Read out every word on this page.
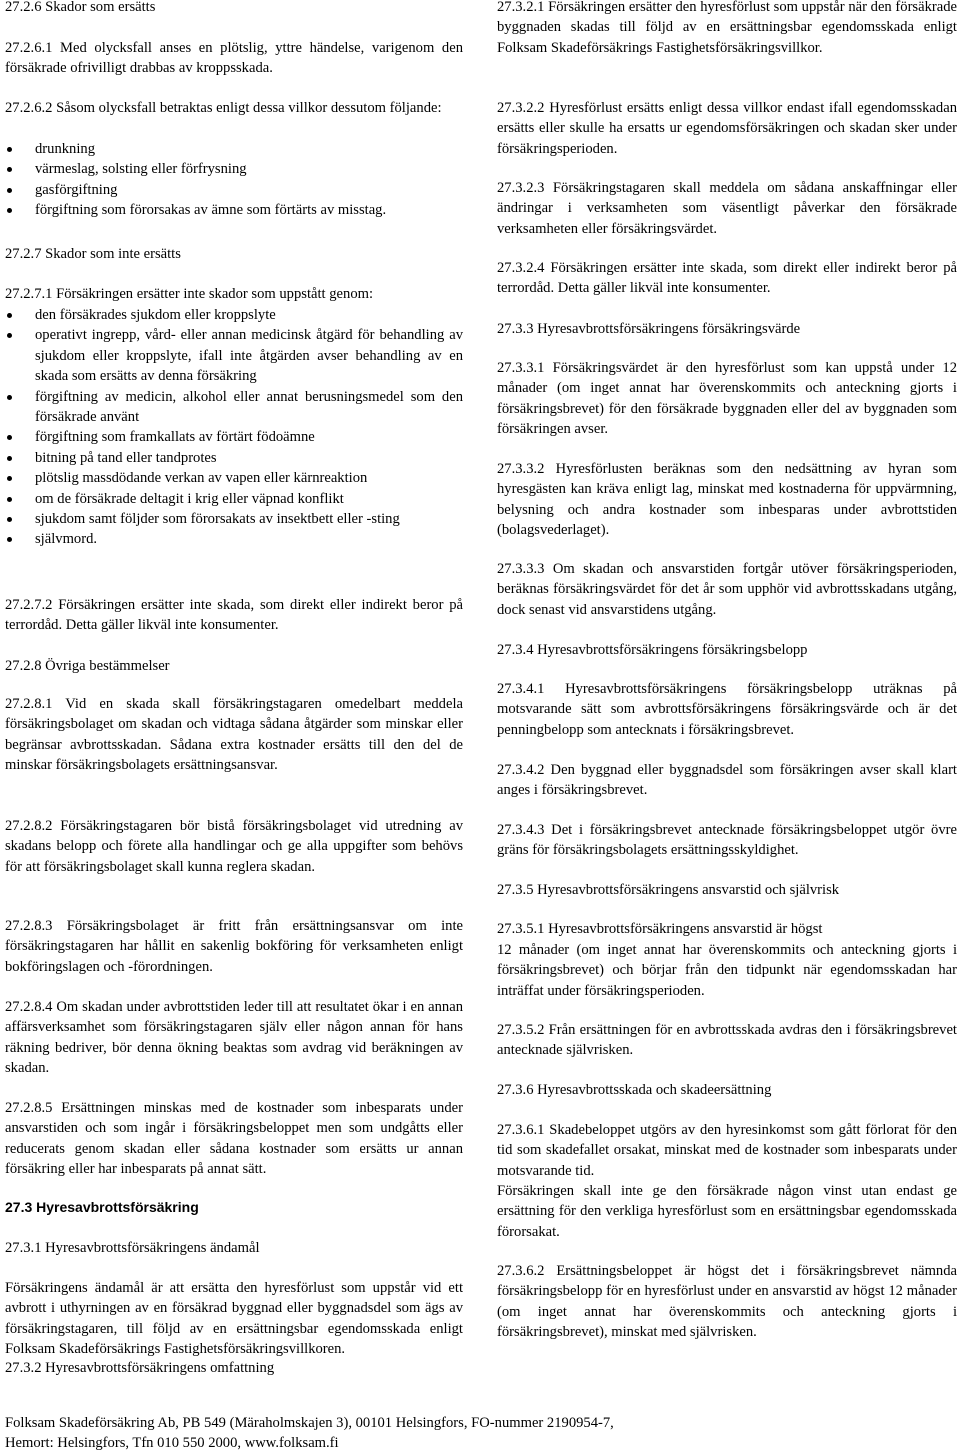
27.2.6 Skador som ersätts

27.2.6.1 Med olycksfall anses en plötslig, yttre händelse, varigenom den försäkrade ofrivilligt drabbas av kroppsskada.

27.2.6.2 Såsom olycksfall betraktas enligt dessa villkor dessutom följande:

drunkning
värmeslag, solsting eller förfrysning
gasförgiftning
förgiftning som förorsakas av ämne som förtärts av misstag.

27.2.7 Skador som inte ersätts

27.2.7.1 Försäkringen ersätter inte skador som uppstått genom:

den försäkrades sjukdom eller kroppslyte
operativt ingrepp, vård- eller annan medicinsk åtgärd för behandling av sjukdom eller kroppslyte, ifall inte åtgärden avser behandling av en skada som ersätts av denna försäkring
förgiftning av medicin, alkohol eller annat berusningsmedel som den försäkrade använt
förgiftning som framkallats av förtärt födoämne
bitning på tand eller tandprotes
plötslig massdödande verkan av vapen eller kärnreaktion
om de försäkrade deltagit i krig eller väpnad konflikt
sjukdom samt följder som förorsakats av insektbett eller -sting
självmord.

27.2.7.2 Försäkringen ersätter inte skada, som direkt eller indirekt beror på terrordåd. Detta gäller likväl inte konsumenter.

27.2.8 Övriga bestämmelser

27.2.8.1 Vid en skada skall försäkringstagaren omedelbart meddela försäkringsbolaget om skadan och vidtaga sådana åtgärder som minskar eller begränsar avbrottsskadan. Sådana extra kostnader ersätts till den del de minskar försäkringsbolagets ersättningsansvar.

27.2.8.2 Försäkringstagaren bör bistå försäkringsbolaget vid utredning av skadans belopp och förete alla handlingar och ge alla uppgifter som behövs för att försäkringsbolaget skall kunna reglera skadan.

27.2.8.3 Försäkringsbolaget är fritt från ersättningsansvar om inte försäkringstagaren har hållit en sakenlig bokföring för verksamheten enligt bokföringslagen och -förordningen.

27.2.8.4 Om skadan under avbrottstiden leder till att resultatet ökar i en annan affärsverksamhet som försäkringstagaren själv eller någon annan för hans räkning bedriver, bör denna ökning beaktas som avdrag vid beräkningen av skadan.

27.2.8.5 Ersättningen minskas med de kostnader som inbesparats under ansvarstiden och som ingår i försäkringsbeloppet men som undgåtts eller reducerats genom skadan eller sådana kostnader som ersätts ur annan försäkring eller har inbesparats på annat sätt.

27.3 Hyresavbrottsförsäkring

27.3.1 Hyresavbrottsförsäkringens ändamål

Försäkringens ändamål är att ersätta den hyresförlust som uppstår vid ett avbrott i uthyrningen av en försäkrad byggnad eller byggnadsdel som ägs av försäkringstagaren, till följd av en ersättningsbar egendomsskada enligt Folksam Skadeförsäkrings Fastighetsförsäkringsvillkoren.

27.3.2 Hyresavbrottsförsäkringens omfattning

27.3.2.1 Försäkringen ersätter den hyresförlust som uppstår när den försäkrade byggnaden skadas till följd av en ersättningsbar egendomsskada enligt Folksam Skadeförsäkrings Fastighetsförsäkringsvillkor.

27.3.2.2 Hyresförlust ersätts enligt dessa villkor endast ifall egendomsskadan ersätts eller skulle ha ersatts ur egendomsförsäkringen och skadan sker under försäkringsperioden.

27.3.2.3 Försäkringstagaren skall meddela om sådana anskaffningar eller ändringar i verksamheten som väsentligt påverkar den försäkrade verksamheten eller försäkringsvärdet.

27.3.2.4 Försäkringen ersätter inte skada, som direkt eller indirekt beror på terrordåd. Detta gäller likväl inte konsumenter.

27.3.3 Hyresavbrottsförsäkringens försäkringsvärde

27.3.3.1 Försäkringsvärdet är den hyresförlust som kan uppstå under 12 månader (om inget annat har överenskommits och anteckning gjorts i försäkringsbrevet) för den försäkrade byggnaden eller del av byggnaden som försäkringen avser.

27.3.3.2 Hyresförlusten beräknas som den nedsättning av hyran som hyresgästen kan kräva enligt lag, minskat med kostnaderna för uppvärmning, belysning och andra kostnader som inbesparas under avbrottstiden (bolagsvederlaget).

27.3.3.3 Om skadan och ansvarstiden fortgår utöver försäkringsperioden, beräknas försäkringsvärdet för det år som upphör vid avbrottsskadans utgång, dock senast vid ansvarstidens utgång.

27.3.4 Hyresavbrottsförsäkringens försäkringsbelopp

27.3.4.1 Hyresavbrottsförsäkringens försäkringsbelopp uträknas på motsvarande sätt som avbrottsförsäkringens försäkringsvärde och är det penningbelopp som antecknats i försäkringsbrevet.

27.3.4.2 Den byggnad eller byggnadsdel som försäkringen avser skall klart anges i försäkringsbrevet.

27.3.4.3 Det i försäkringsbrevet antecknade försäkringsbeloppet utgör övre gräns för försäkringsbolagets ersättningsskyldighet.

27.3.5 Hyresavbrottsförsäkringens ansvarstid och självrisk

27.3.5.1 Hyresavbrottsförsäkringens ansvarstid är högst

12 månader (om inget annat har överenskommits och anteckning gjorts i försäkringsbrevet) och börjar från den tidpunkt när egendomsskadan har inträffat under försäkringsperioden.

27.3.5.2 Från ersättningen för en avbrottsskada avdras den i försäkringsbrevet antecknade självrisken.

27.3.6 Hyresavbrottsskada och skadeersättning

27.3.6.1 Skadebeloppet utgörs av den hyresinkomst som gått förlorat för den tid som skadefallet orsakat, minskat med de kostnader som inbesparats under motsvarande tid.

Försäkringen skall inte ge den försäkrade någon vinst utan endast ge ersättning för den verkliga hyresförlust som en ersättningsbar egendomsskada förorsakat.

27.3.6.2 Ersättningsbeloppet är högst det i försäkringsbrevet nämnda försäkringsbelopp för en hyresförlust under en ansvarstid av högst 12 månader (om inget annat har överenskommits och anteckning gjorts i försäkringsbrevet), minskat med självrisken.

Folksam Skadeförsäkring Ab, PB 549 (Märaholmskajen 3), 00101 Helsingfors, FO-nummer 2190954-7,
Hemort: Helsingfors, Tfn 010 550 2000, www.folksam.fi
